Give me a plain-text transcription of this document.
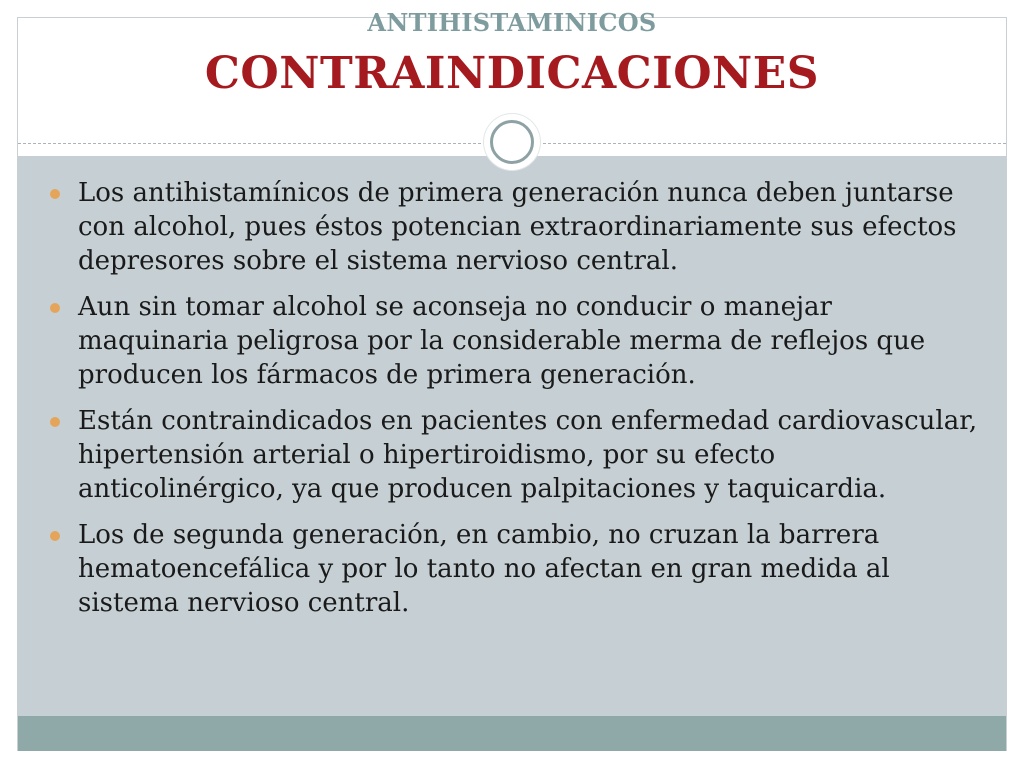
ANTIHISTAMINICOS
CONTRAINDICACIONES
Los antihistamínicos de primera generación nunca deben juntarse con alcohol, pues éstos potencian extraordinariamente sus efectos depresores sobre el sistema nervioso central.
Aun sin tomar alcohol se aconseja no conducir o manejar maquinaria peligrosa por la considerable merma de reflejos que producen los fármacos de primera generación.
Están contraindicados en pacientes con enfermedad cardiovascular, hipertensión arterial o hipertiroidismo, por su efecto anticolinérgico, ya que producen palpitaciones y taquicardia.
Los de segunda generación, en cambio, no cruzan la barrera hematoencefálica y por lo tanto no afectan en gran medida al sistema nervioso central.
